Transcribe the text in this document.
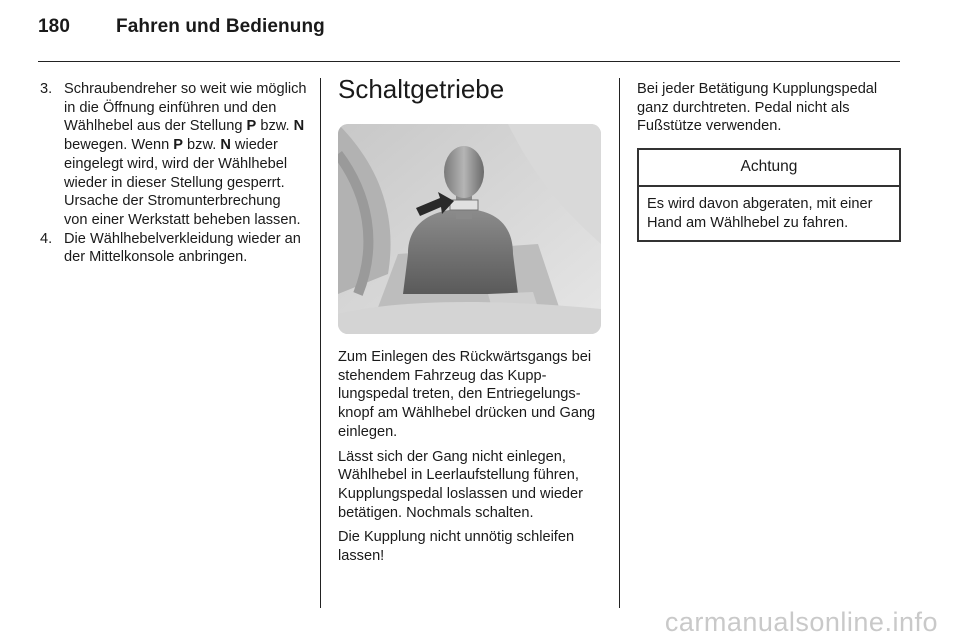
180 Fahren und Bedienung
3. Schraubendreher so weit wie möglich in die Öffnung einführen und den Wählhebel aus der Stellung P bzw. N bewegen. Wenn P bzw. N wieder eingelegt wird, wird der Wählhebel wieder in dieser Stellung gesperrt. Ursache der Stromunterbrechung von einer Werkstatt beheben lassen.
4. Die Wählhebelverkleidung wieder an der Mittelkonsole anbringen.
Schaltgetriebe

Zum Einlegen des Rückwärtsgangs bei stehendem Fahrzeug das Kupplungspedal treten, den Entriegelungsknopf am Wählhebel drücken und Gang einlegen.

Lässt sich der Gang nicht einlegen, Wählhebel in Leerlaufstellung führen, Kupplungspedal loslassen und wieder betätigen. Nochmals schalten.

Die Kupplung nicht unnötig schleifen lassen!

Bei jeder Betätigung Kupplungspedal ganz durchtreten. Pedal nicht als Fußstütze verwenden.

Achtung
Es wird davon abgeraten, mit einer Hand am Wählhebel zu fahren.
carmanualsonline.info
